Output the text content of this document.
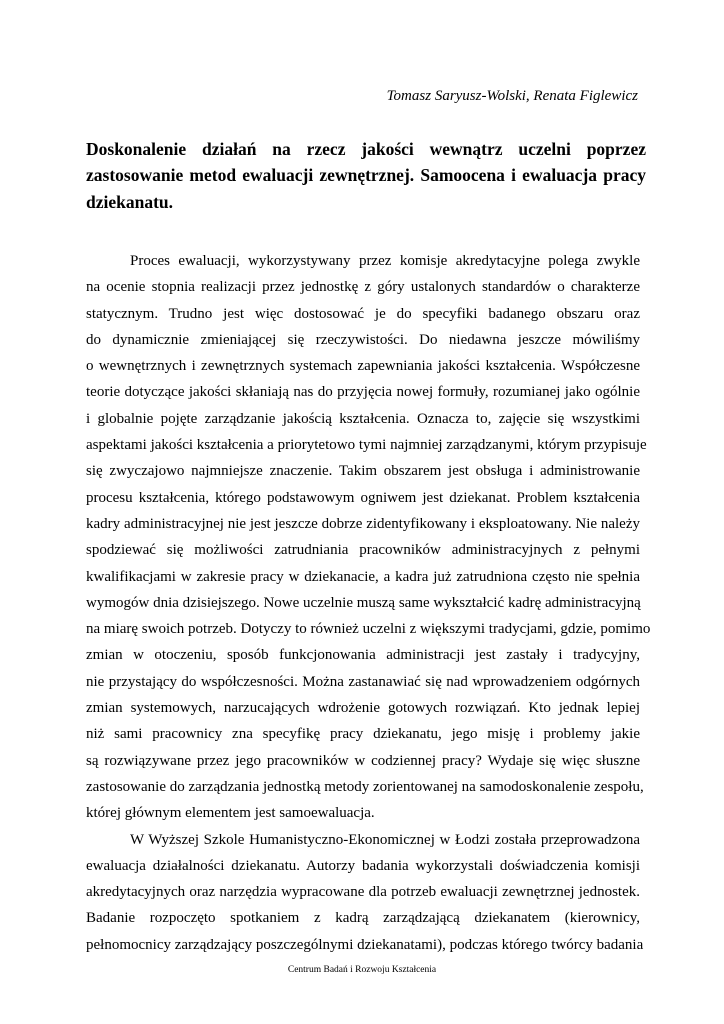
Tomasz Saryusz-Wolski, Renata Figlewicz
Doskonalenie działań na rzecz jakości wewnątrz uczelni poprzez
zastosowanie metod ewaluacji zewnętrznej. Samoocena i ewaluacja pracy
dziekanatu.
Proces ewaluacji, wykorzystywany przez komisje akredytacyjne polega zwykle
na ocenie stopnia realizacji przez jednostkę z góry ustalonych standardów o charakterze
statycznym. Trudno jest więc dostosować je do specyfiki badanego obszaru oraz
do dynamicznie zmieniającej się rzeczywistości. Do niedawna jeszcze mówiliśmy
o wewnętrznych i zewnętrznych systemach zapewniania jakości kształcenia. Współczesne
teorie dotyczące jakości skłaniają nas do przyjęcia nowej formuły, rozumianej jako ogólnie
i globalnie pojęte zarządzanie jakością kształcenia. Oznacza to, zajęcie się wszystkimi
aspektami jakości kształcenia a priorytetowo tymi najmniej zarządzanymi, którym przypisuje
się zwyczajowo najmniejsze znaczenie. Takim obszarem jest obsługa i administrowanie
procesu kształcenia, którego podstawowym ogniwem jest dziekanat. Problem kształcenia
kadry administracyjnej nie jest jeszcze dobrze zidentyfikowany i eksploatowany. Nie należy
spodziewać się możliwości zatrudniania pracowników administracyjnych z pełnymi
kwalifikacjami w zakresie pracy w dziekanacie, a kadra już zatrudniona często nie spełnia
wymogów dnia dzisiejszego. Nowe uczelnie muszą same wykształcić kadrę administracyjną
na miarę swoich potrzeb. Dotyczy to również uczelni z większymi tradycjami, gdzie, pomimo
zmian w otoczeniu, sposób funkcjonowania administracji jest zastały i tradycyjny,
nie przystający do współczesności. Można zastanawiać się nad wprowadzeniem odgórnych
zmian systemowych, narzucających wdrożenie gotowych rozwiązań. Kto jednak lepiej
niż sami pracownicy zna specyfikę pracy dziekanatu, jego misję i problemy jakie
są rozwiązywane przez jego pracowników w codziennej pracy? Wydaje się więc słuszne
zastosowanie do zarządzania jednostką metody zorientowanej na samodoskonalenie zespołu,
której głównym elementem jest samoewaluacja.
W Wyższej Szkole Humanistyczno-Ekonomicznej w Łodzi została przeprowadzona
ewaluacja działalności dziekanatu. Autorzy badania wykorzystali doświadczenia komisji
akredytacyjnych oraz narzędzia wypracowane dla potrzeb ewaluacji zewnętrznej jednostek.
Badanie rozpoczęto spotkaniem z kadrą zarządzającą dziekanatem (kierownicy,
pełnomocnicy zarządzający poszczególnymi dziekanatami), podczas którego twórcy badania
Centrum Badań i Rozwoju Kształcenia
